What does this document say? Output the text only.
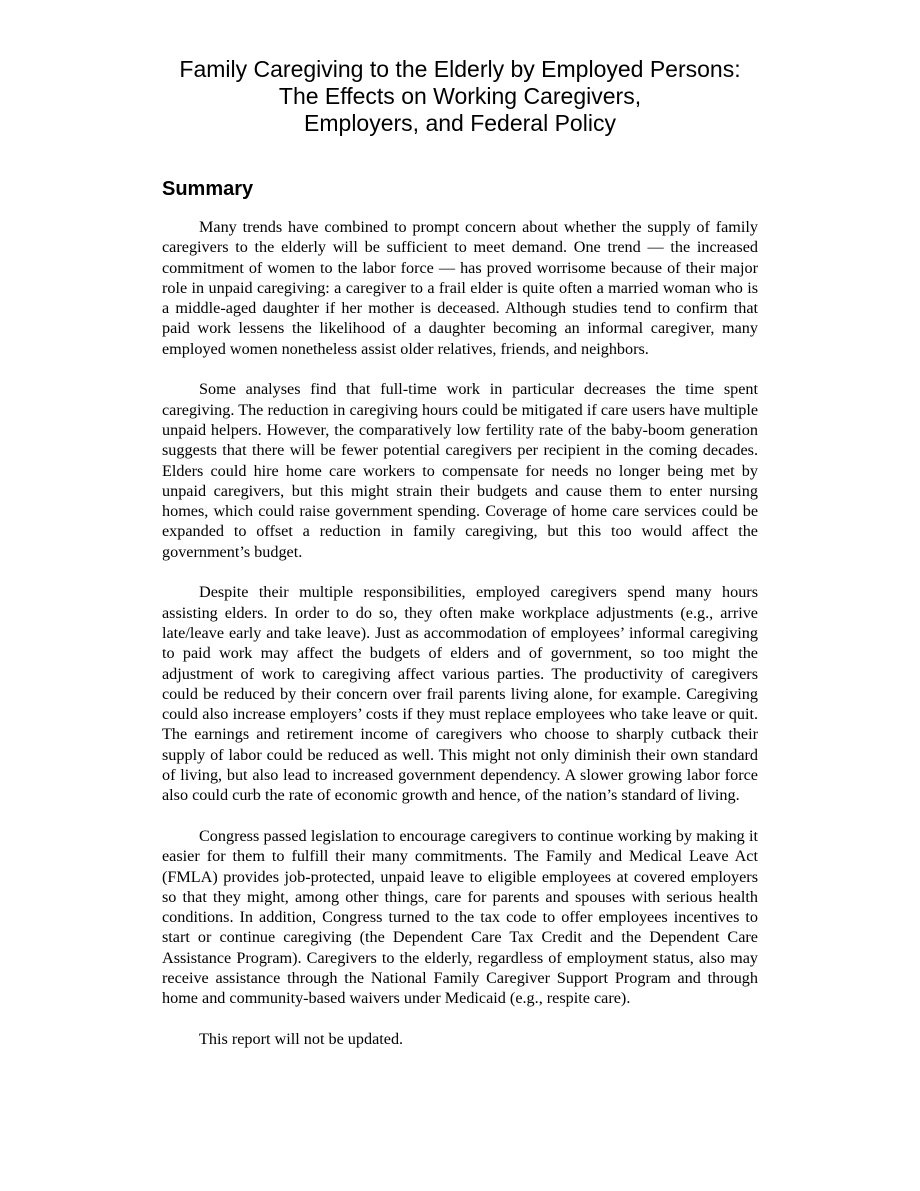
Family Caregiving to the Elderly by Employed Persons:
The Effects on Working Caregivers,
Employers, and Federal Policy
Summary

Many trends have combined to prompt concern about whether the supply of family caregivers to the elderly will be sufficient to meet demand. One trend — the increased commitment of women to the labor force — has proved worrisome because of their major role in unpaid caregiving: a caregiver to a frail elder is quite often a married woman who is a middle-aged daughter if her mother is deceased. Although studies tend to confirm that paid work lessens the likelihood of a daughter becoming an informal caregiver, many employed women nonetheless assist older relatives, friends, and neighbors.

Some analyses find that full-time work in particular decreases the time spent caregiving. The reduction in caregiving hours could be mitigated if care users have multiple unpaid helpers. However, the comparatively low fertility rate of the baby-boom generation suggests that there will be fewer potential caregivers per recipient in the coming decades. Elders could hire home care workers to compensate for needs no longer being met by unpaid caregivers, but this might strain their budgets and cause them to enter nursing homes, which could raise government spending. Coverage of home care services could be expanded to offset a reduction in family caregiving, but this too would affect the government’s budget.

Despite their multiple responsibilities, employed caregivers spend many hours assisting elders. In order to do so, they often make workplace adjustments (e.g., arrive late/leave early and take leave). Just as accommodation of employees’ informal caregiving to paid work may affect the budgets of elders and of government, so too might the adjustment of work to caregiving affect various parties. The productivity of caregivers could be reduced by their concern over frail parents living alone, for example. Caregiving could also increase employers’ costs if they must replace employees who take leave or quit. The earnings and retirement income of caregivers who choose to sharply cutback their supply of labor could be reduced as well. This might not only diminish their own standard of living, but also lead to increased government dependency. A slower growing labor force also could curb the rate of economic growth and hence, of the nation’s standard of living.

Congress passed legislation to encourage caregivers to continue working by making it easier for them to fulfill their many commitments. The Family and Medical Leave Act (FMLA) provides job-protected, unpaid leave to eligible employees at covered employers so that they might, among other things, care for parents and spouses with serious health conditions. In addition, Congress turned to the tax code to offer employees incentives to start or continue caregiving (the Dependent Care Tax Credit and the Dependent Care Assistance Program). Caregivers to the elderly, regardless of employment status, also may receive assistance through the National Family Caregiver Support Program and through home and community-based waivers under Medicaid (e.g., respite care).

This report will not be updated.
